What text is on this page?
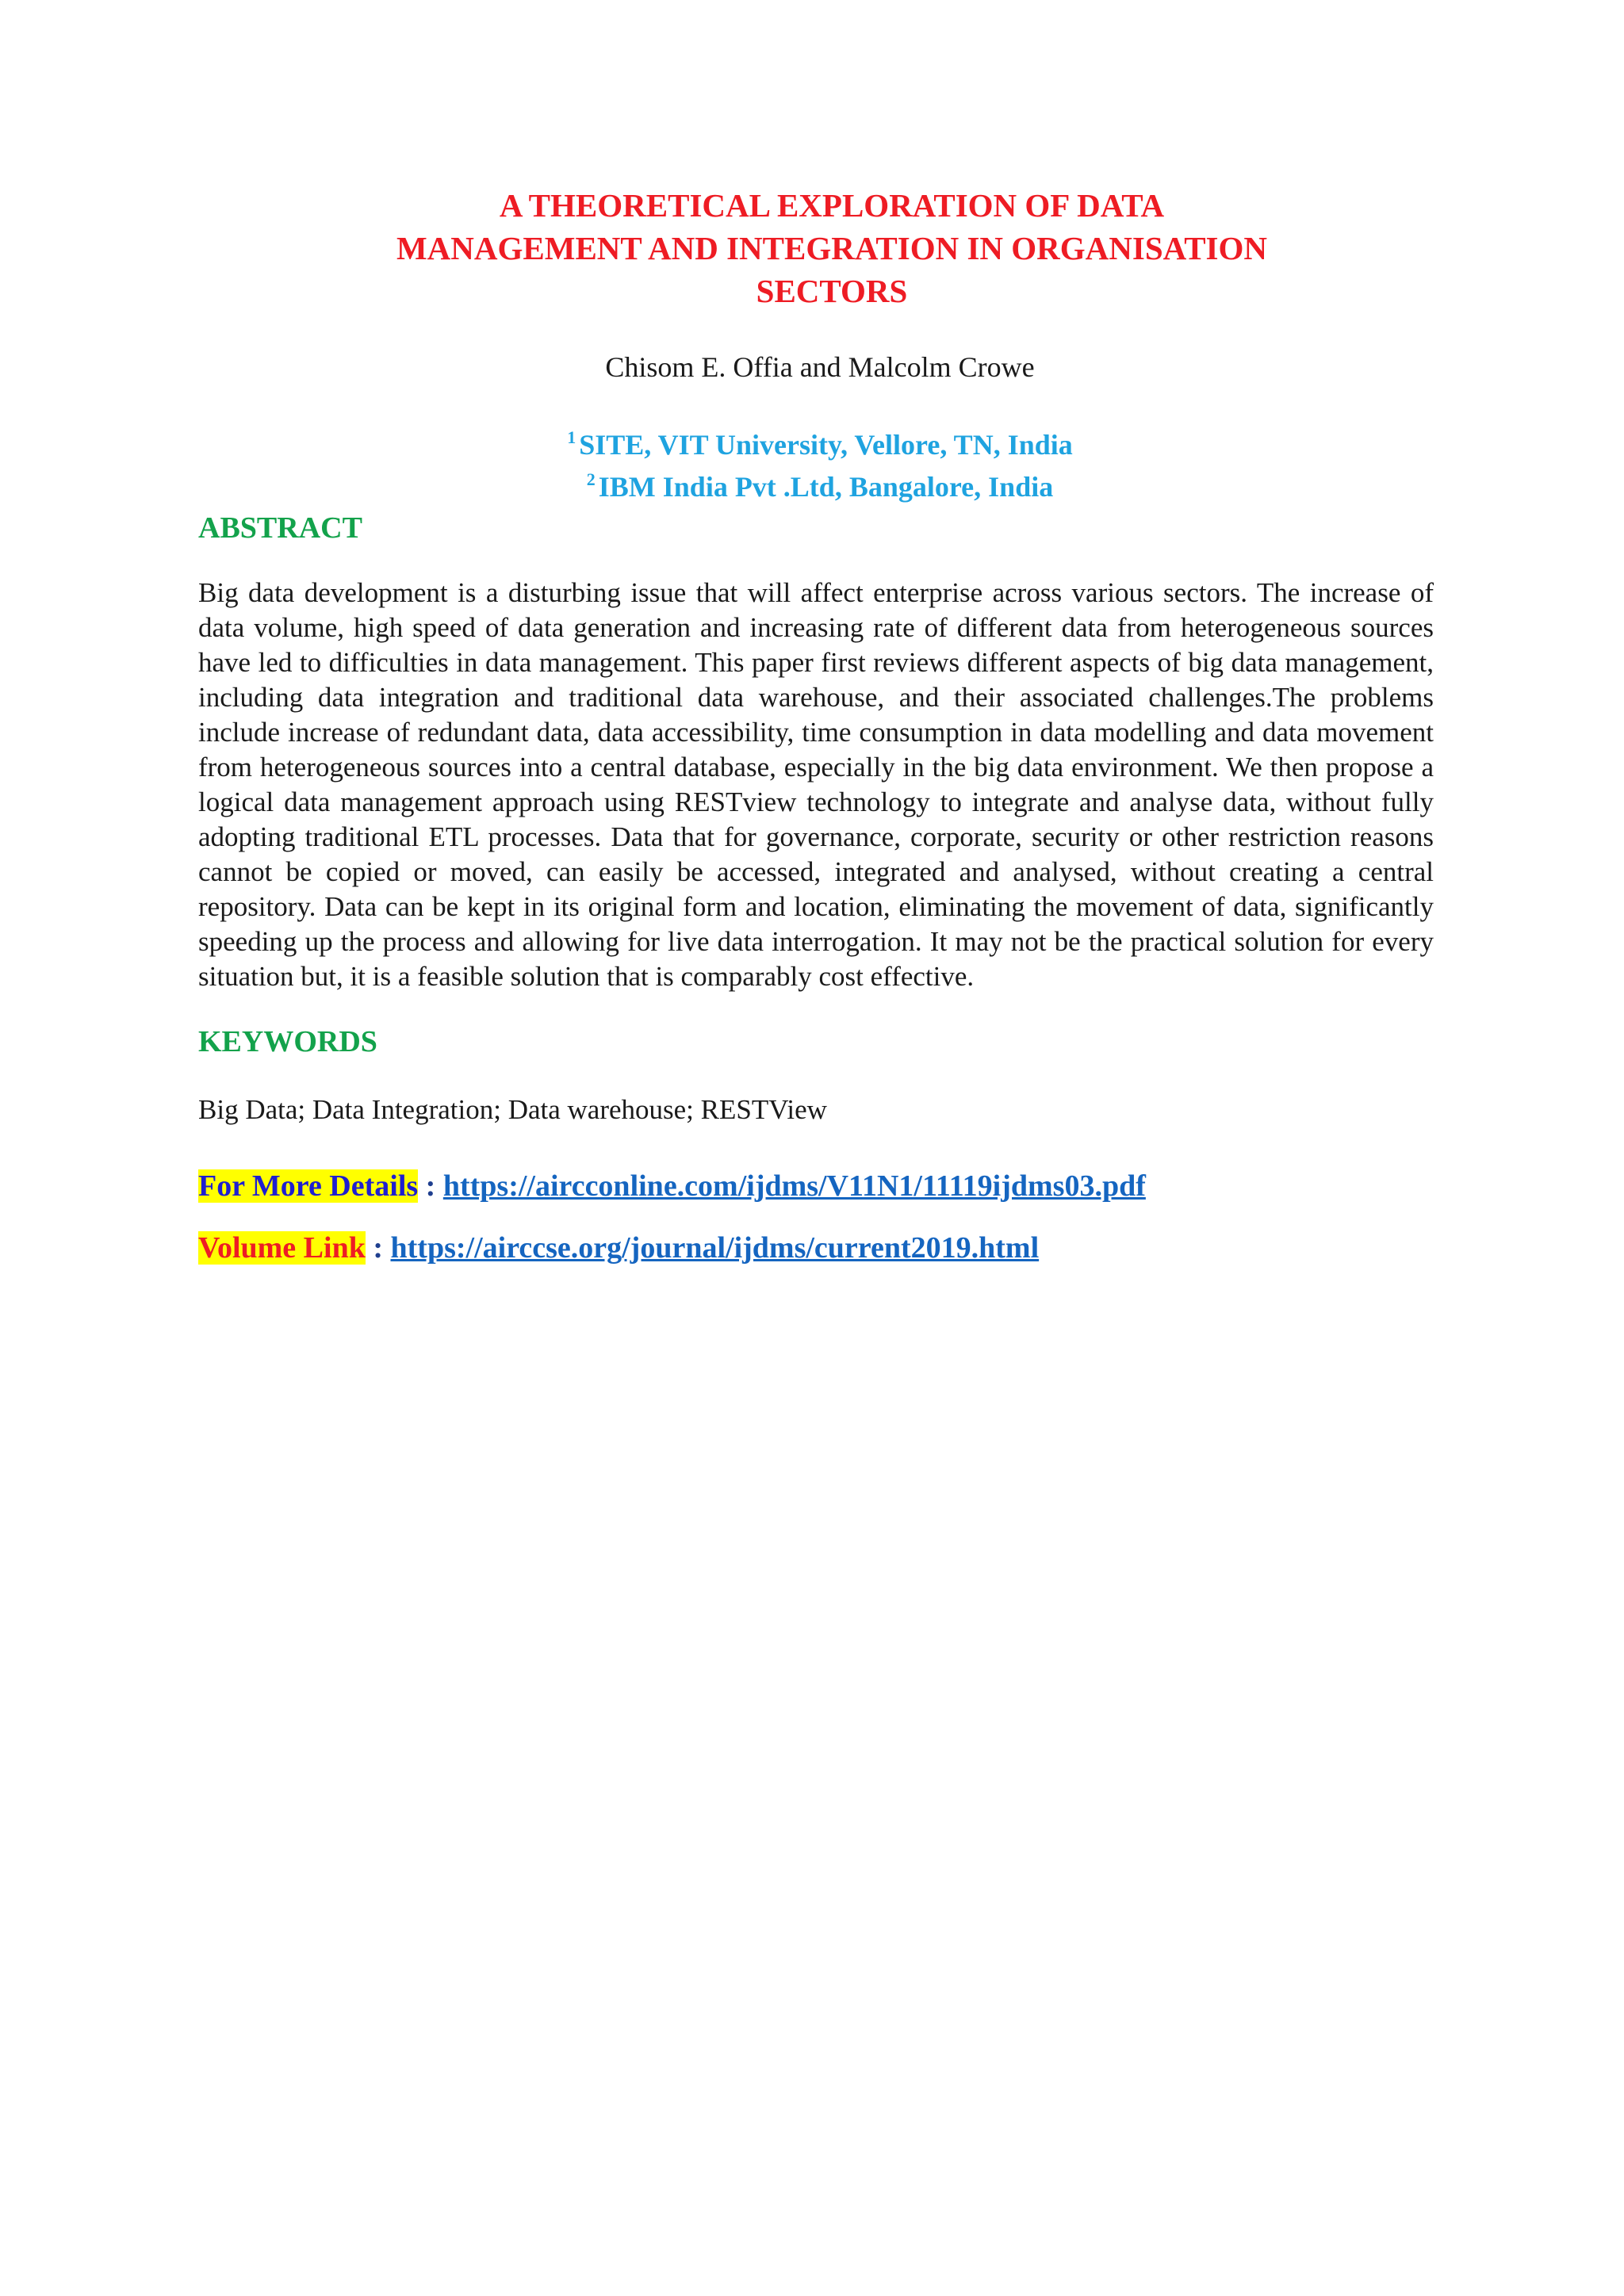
A THEORETICAL EXPLORATION OF DATA
MANAGEMENT AND INTEGRATION IN ORGANISATION
SECTORS
Chisom E. Offia and Malcolm Crowe
$^1$ SITE, VIT University, Vellore, TN, India
$^2$ IBM India Pvt .Ltd, Bangalore, India
ABSTRACT

Big data development is a disturbing issue that will affect enterprise across various sectors. The increase of data volume, high speed of data generation and increasing rate of different data from heterogeneous sources have led to difficulties in data management. This paper first reviews different aspects of big data management, including data integration and traditional data warehouse, and their associated challenges.The problems include increase of redundant data, data accessibility, time consumption in data modelling and data movement from heterogeneous sources into a central database, especially in the big data environment. We then propose a logical data management approach using RESTview technology to integrate and analyse data, without fully adopting traditional ETL processes. Data that for governance, corporate, security or other restriction reasons cannot be copied or moved, can easily be accessed, integrated and analysed, without creating a central repository. Data can be kept in its original form and location, eliminating the movement of data, significantly speeding up the process and allowing for live data interrogation. It may not be the practical solution for every situation but, it is a feasible solution that is comparably cost effective.

KEYWORDS

Big Data; Data Integration; Data warehouse; RESTView

For More Details : https://aircconline.com/ijdms/V11N1/11119ijdms03.pdf

Volume Link : https://airccse.org/journal/ijdms/current2019.html
